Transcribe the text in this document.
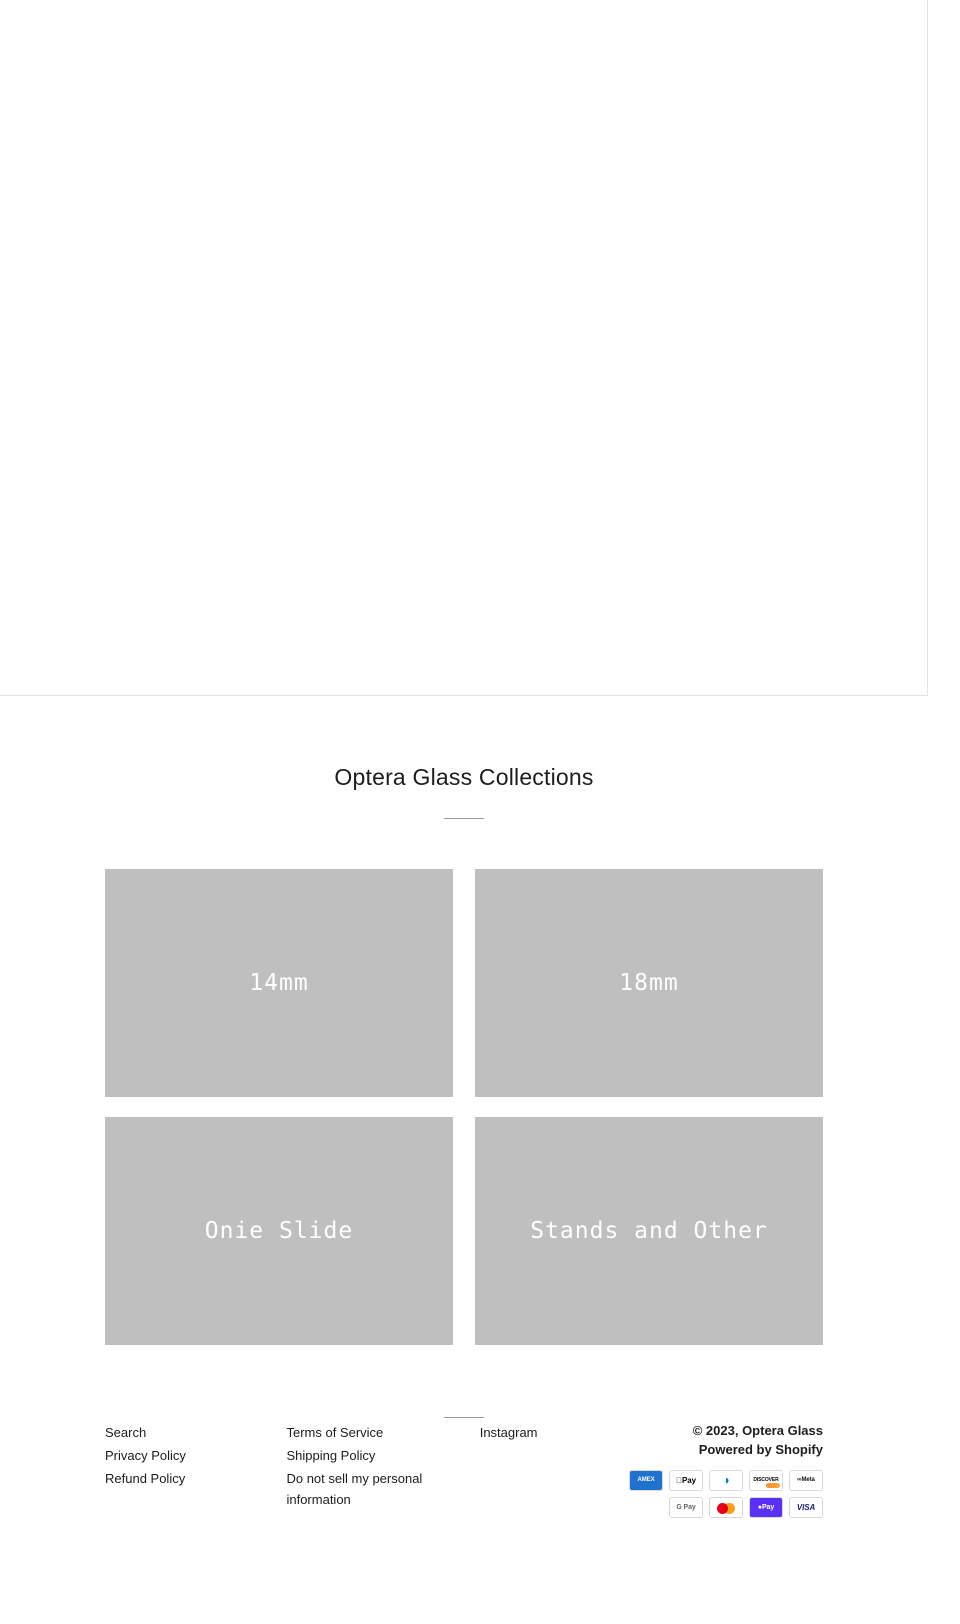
Optera Glass Collections
14mm	18mm
Onie Slide	Stands and Other
Search
Privacy Policy
Refund Policy
Terms of Service
Shipping Policy
Do not sell my personal information
Instagram	© 2023, Optera Glass
Powered by Shopify
AMEX	Pay	◑	DISCOVER	∞Meta
G Pay	●Pay	VISA
